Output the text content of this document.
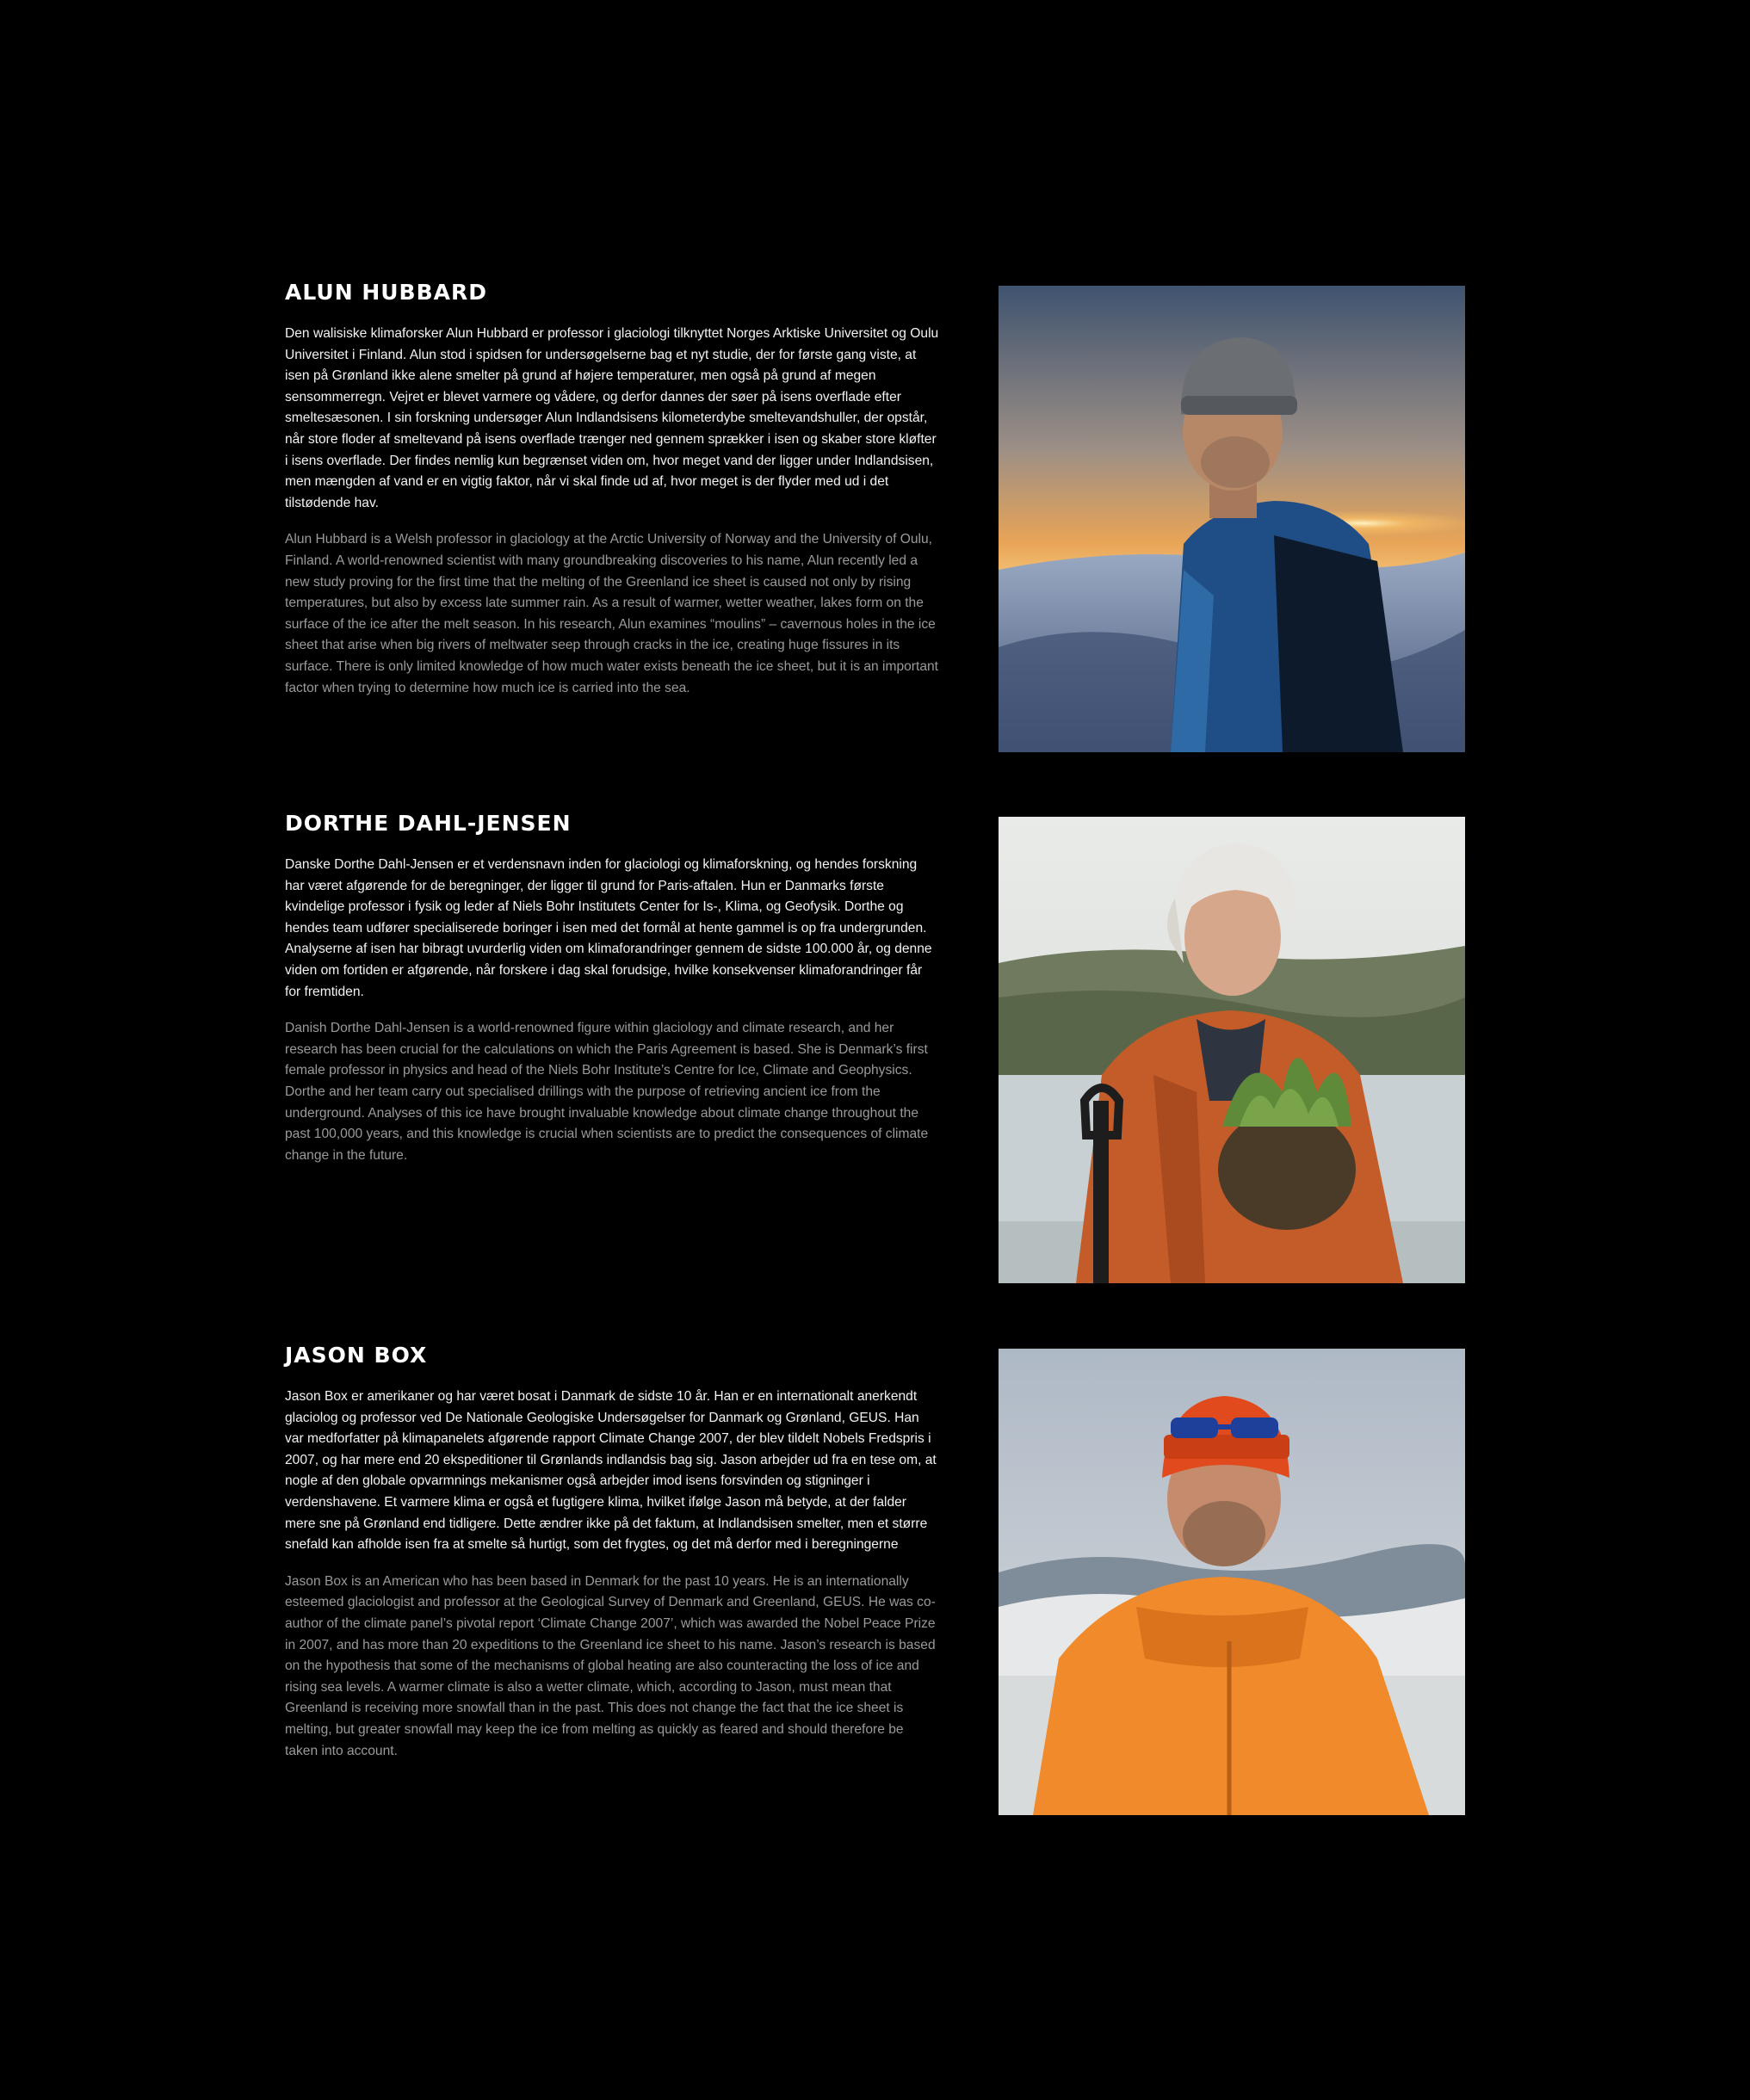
ALUN HUBBARD

Den walisiske klimaforsker Alun Hubbard er professor i glaciologi tilknyttet Norges Arktiske Universitet og Oulu Universitet i Finland. Alun stod i spidsen for undersøgelserne bag et nyt studie, der for første gang viste, at isen på Grønland ikke alene smelter på grund af højere temperaturer, men også på grund af megen sensommerregn. Vejret er blevet varmere og vådere, og derfor dannes der søer på isens overflade efter smeltesæsonen. I sin forskning undersøger Alun Indlandsisens kilometerdybe smeltevandshuller, der opstår, når store floder af smeltevand på isens overflade trænger ned gennem sprækker i isen og skaber store kløfter i isens overflade. Der findes nemlig kun begrænset viden om, hvor meget vand der ligger under Indlandsisen, men mængden af vand er en vigtig faktor, når vi skal finde ud af, hvor meget is der flyder med ud i det tilstødende hav.

Alun Hubbard is a Welsh professor in glaciology at the Arctic University of Norway and the University of Oulu, Finland. A world-renowned scientist with many groundbreaking discoveries to his name, Alun recently led a new study proving for the first time that the melting of the Greenland ice sheet is caused not only by rising temperatures, but also by excess late summer rain. As a result of warmer, wetter weather, lakes form on the surface of the ice after the melt season. In his research, Alun examines “moulins” – cavernous holes in the ice sheet that arise when big rivers of meltwater seep through cracks in the ice, creating huge fissures in its surface. There is only limited knowledge of how much water exists beneath the ice sheet, but it is an important factor when trying to determine how much ice is carried into the sea.

DORTHE DAHL-JENSEN

Danske Dorthe Dahl-Jensen er et verdensnavn inden for glaciologi og klimaforskning, og hendes forskning har været afgørende for de beregninger, der ligger til grund for Paris-aftalen. Hun er Danmarks første kvindelige professor i fysik og leder af Niels Bohr Institutets Center for Is-, Klima, og Geofysik. Dorthe og hendes team udfører specialiserede boringer i isen med det formål at hente gammel is op fra undergrunden. Analyserne af isen har bibragt uvurderlig viden om klimaforandringer gennem de sidste 100.000 år, og denne viden om fortiden er afgørende, når forskere i dag skal forudsige, hvilke konsekvenser klimaforandringer får for fremtiden.

Danish Dorthe Dahl-Jensen is a world-renowned figure within glaciology and climate research, and her research has been crucial for the calculations on which the Paris Agreement is based. She is Denmark’s first female professor in physics and head of the Niels Bohr Institute’s Centre for Ice, Climate and Geophysics. Dorthe and her team carry out specialised drillings with the purpose of retrieving ancient ice from the underground. Analyses of this ice have brought invaluable knowledge about climate change throughout the past 100,000 years, and this knowledge is crucial when scientists are to predict the consequences of climate change in the future.

JASON BOX

Jason Box er amerikaner og har været bosat i Danmark de sidste 10 år. Han er en internationalt anerkendt glaciolog og professor ved De Nationale Geologiske Undersøgelser for Danmark og Grønland, GEUS. Han var medforfatter på klimapanelets afgørende rapport Climate Change 2007, der blev tildelt Nobels Fredspris i 2007, og har mere end 20 ekspeditioner til Grønlands indlandsis bag sig. Jason arbejder ud fra en tese om, at nogle af den globale opvarmnings mekanismer også arbejder imod isens forsvinden og stigninger i verdenshavene. Et varmere klima er også et fugtigere klima, hvilket ifølge Jason må betyde, at der falder mere sne på Grønland end tidligere. Dette ændrer ikke på det faktum, at Indlandsisen smelter, men et større snefald kan afholde isen fra at smelte så hurtigt, som det frygtes, og det må derfor med i beregningerne

Jason Box is an American who has been based in Denmark for the past 10 years. He is an internationally esteemed glaciologist and professor at the Geological Survey of Denmark and Greenland, GEUS. He was co-author of the climate panel’s pivotal report ‘Climate Change 2007’, which was awarded the Nobel Peace Prize in 2007, and has more than 20 expeditions to the Greenland ice sheet to his name. Jason’s research is based on the hypothesis that some of the mechanisms of global heating are also counteracting the loss of ice and rising sea levels. A warmer climate is also a wetter climate, which, according to Jason, must mean that Greenland is receiving more snowfall than in the past. This does not change the fact that the ice sheet is melting, but greater snowfall may keep the ice from melting as quickly as feared and should therefore be taken into account.
